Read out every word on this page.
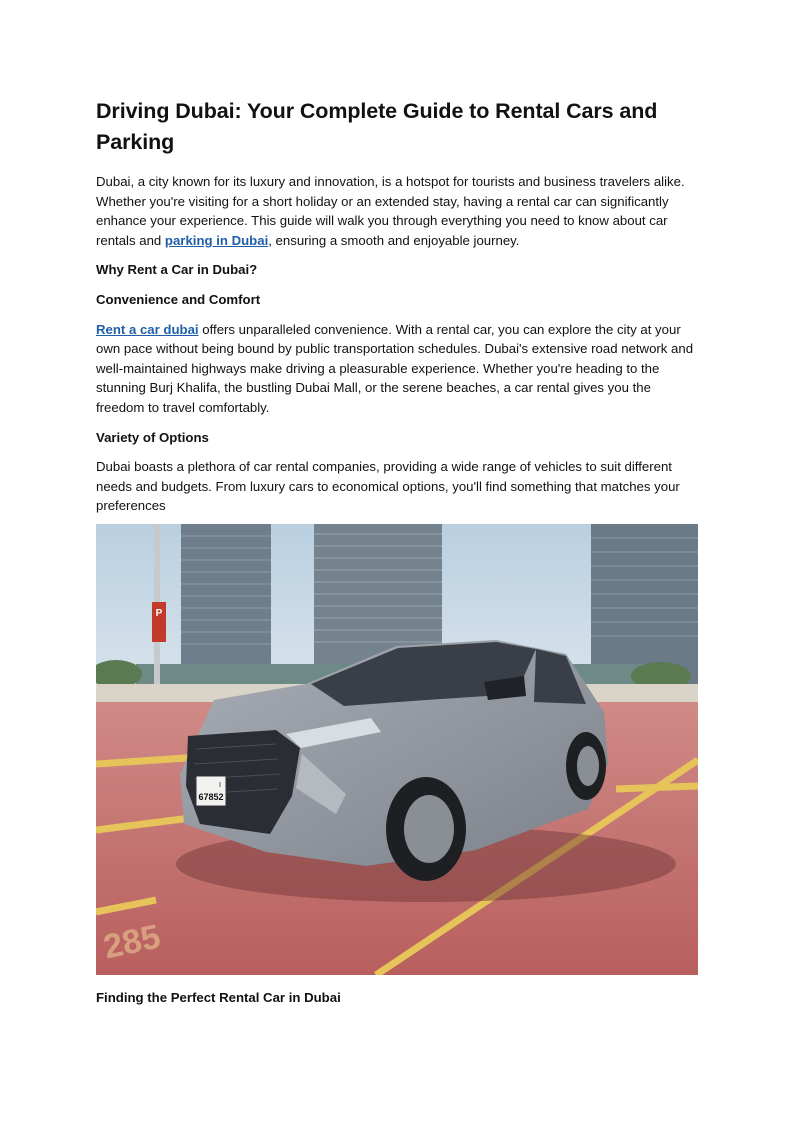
Driving Dubai: Your Complete Guide to Rental Cars and Parking

Dubai, a city known for its luxury and innovation, is a hotspot for tourists and business travelers alike. Whether you're visiting for a short holiday or an extended stay, having a rental car can significantly enhance your experience. This guide will walk you through everything you need to know about car rentals and parking in Dubai, ensuring a smooth and enjoyable journey.

Why Rent a Car in Dubai?

Convenience and Comfort

Rent a car dubai offers unparalleled convenience. With a rental car, you can explore the city at your own pace without being bound by public transportation schedules. Dubai's extensive road network and well-maintained highways make driving a pleasurable experience. Whether you're heading to the stunning Burj Khalifa, the bustling Dubai Mall, or the serene beaches, a car rental gives you the freedom to travel comfortably.

Variety of Options

Dubai boasts a plethora of car rental companies, providing a wide range of vehicles to suit different needs and budgets. From luxury cars to economical options, you'll find something that matches your preferences

P
285
I
67852

Finding the Perfect Rental Car in Dubai
